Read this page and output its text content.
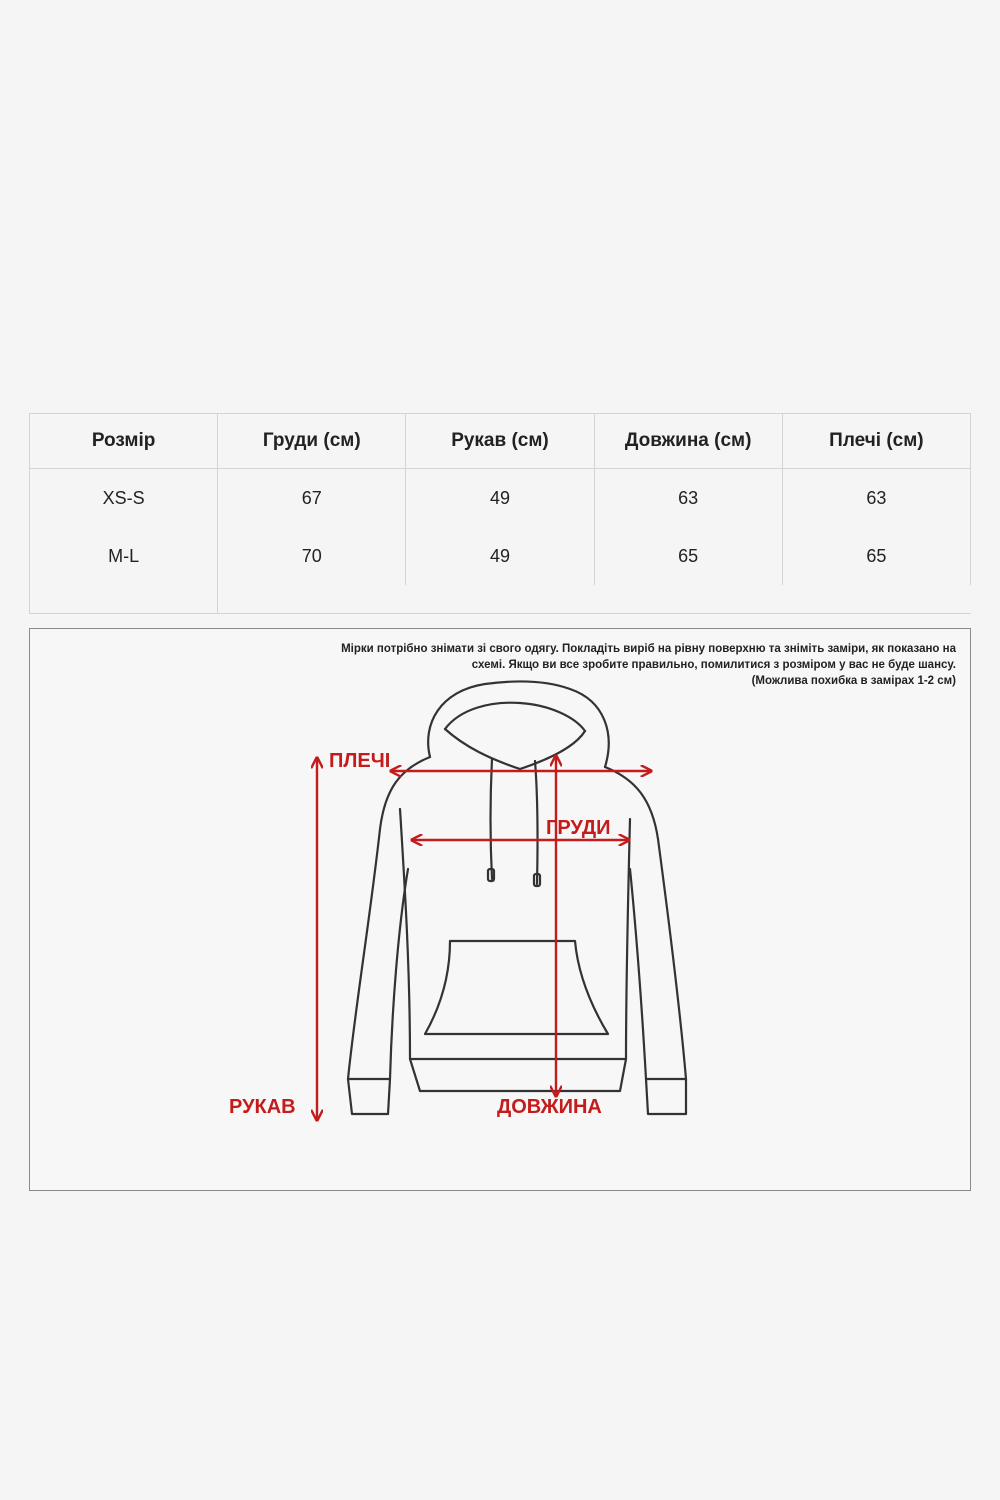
Розмір	Груди (см)	Рукав (см)	Довжина (см)	Плечі (см)
XS-S	67	49	63	63
M-L	70	49	65	65

Мірки потрібно знімати зі свого одягу. Покладіть виріб на рівну поверхню та зніміть заміри, як показано на
схемі. Якщо ви все зробите правильно, помилитися з розміром у вас не буде шансу.
(Можлива похибка в замірах 1-2 см)
ПЛЕЧІ
ГРУДИ
РУКАВ	ДОВЖИНА
